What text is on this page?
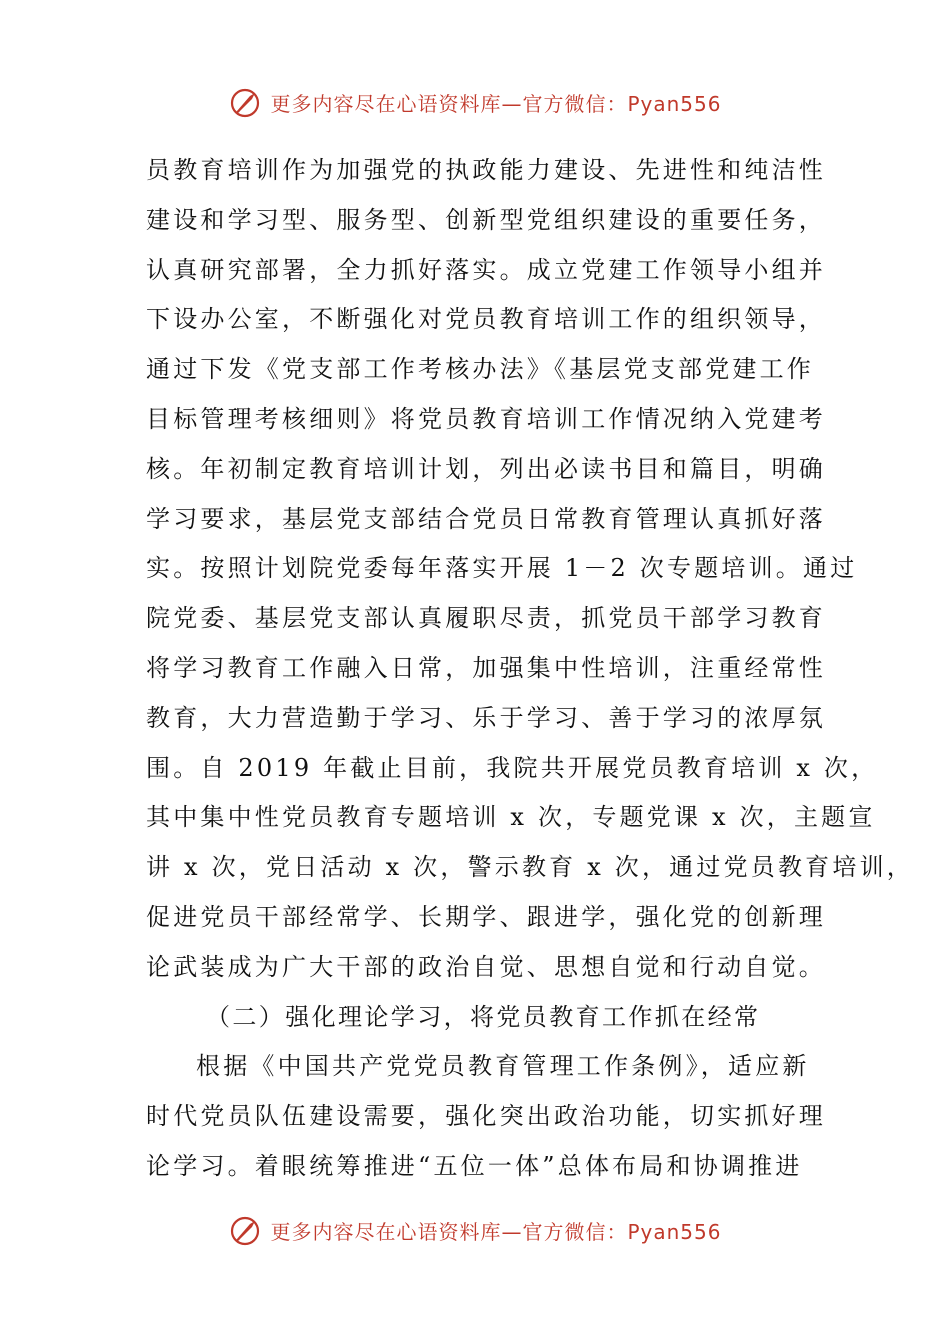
更多内容尽在心语资料库—官方微信：Pyan556
员教育培训作为加强党的执政能力建设、先进性和纯洁性
建设和学习型、服务型、创新型党组织建设的重要任务，
认真研究部署，全力抓好落实。成立党建工作领导小组并
下设办公室，不断强化对党员教育培训工作的组织领导，
通过下发《党支部工作考核办法》《基层党支部党建工作
目标管理考核细则》将党员教育培训工作情况纳入党建考
核。年初制定教育培训计划，列出必读书目和篇目，明确
学习要求，基层党支部结合党员日常教育管理认真抓好落
实。按照计划院党委每年落实开展 1－2 次专题培训。通过
院党委、基层党支部认真履职尽责，抓党员干部学习教育
将学习教育工作融入日常，加强集中性培训，注重经常性
教育，大力营造勤于学习、乐于学习、善于学习的浓厚氛
围。自 2019 年截止目前，我院共开展党员教育培训 x 次，
其中集中性党员教育专题培训 x 次，专题党课 x 次，主题宣
讲 x 次，党日活动 x 次，警示教育 x 次，通过党员教育培训，
促进党员干部经常学、长期学、跟进学，强化党的创新理
论武装成为广大干部的政治自觉、思想自觉和行动自觉。
（二）强化理论学习，将党员教育工作抓在经常
根据《中国共产党党员教育管理工作条例》，适应新
时代党员队伍建设需要，强化突出政治功能，切实抓好理
论学习。着眼统筹推进“五位一体”总体布局和协调推进
更多内容尽在心语资料库—官方微信：Pyan556
